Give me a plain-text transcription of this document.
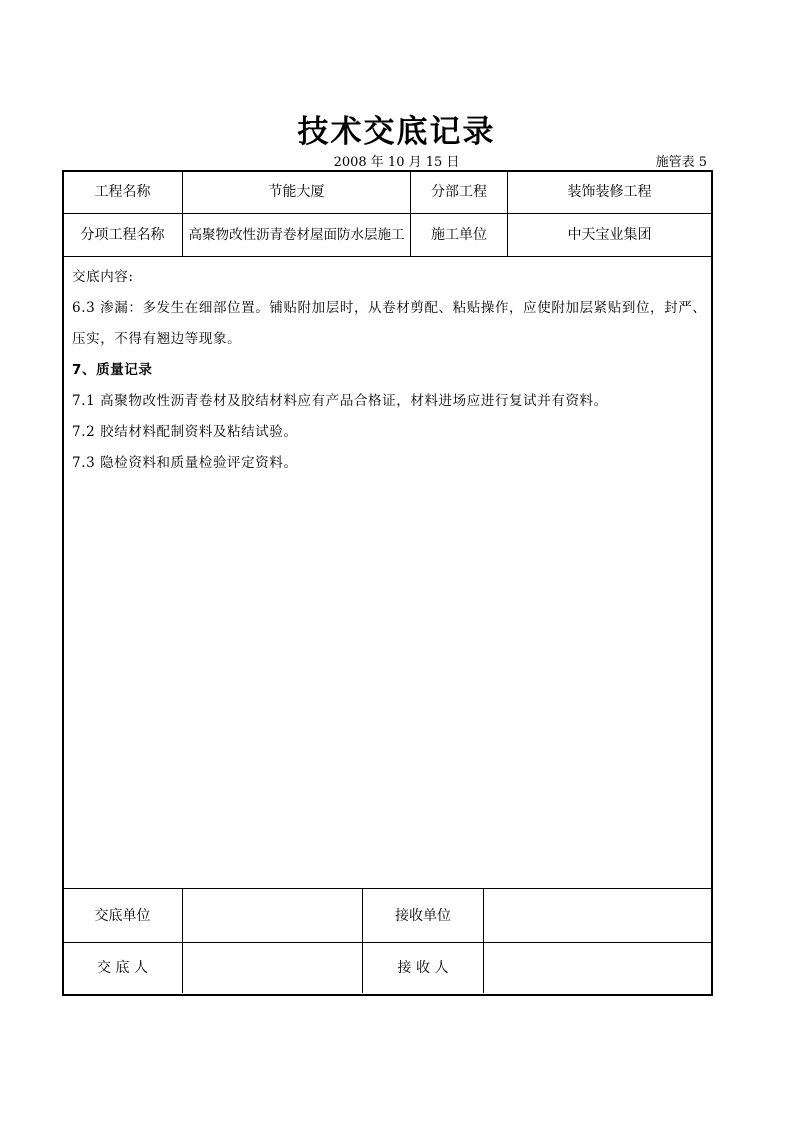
技术交底记录
2008 年 10 月 15 日	施管表 5
工程名称	节能大厦	分部工程	装饰装修工程
分项工程名称	高聚物改性沥青卷材屋面防水层施工	施工单位	中天宝业集团

交底内容:

6.3 渗漏：多发生在细部位置。铺贴附加层时，从卷材剪配、粘贴操作，应使附加层紧贴到位，封严、压实，不得有翘边等现象。

7、质量记录

7.1 高聚物改性沥青卷材及胶结材料应有产品合格证，材料进场应进行复试并有资料。

7.2 胶结材料配制资料及粘结试验。

7.3 隐检资料和质量检验评定资料。

交底单位	接收单位
交 底 人	接 收 人
